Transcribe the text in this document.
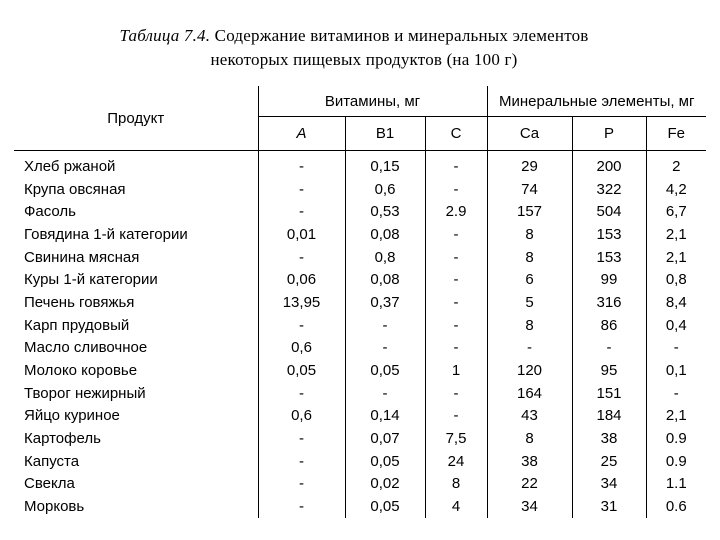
Таблица 7.4. Содержание витаминов и минеральных элементов
некоторых пищевых продуктов (на 100 г)
Продукт	Витамины, мг			Минеральные элементы, мг		
	A	B1	C	Ca	P	Fe
Хлеб ржаной	-	0,15	-	29	200	2
Крупа овсяная	-	0,6	-	74	322	4,2
Фасоль	-	0,53	2.9	157	504	6,7
Говядина 1-й категории	0,01	0,08	-	8	153	2,1
Свинина мясная	-	0,8	-	8	153	2,1
Куры 1-й категории	0,06	0,08	-	6	99	0,8
Печень говяжья	13,95	0,37	-	5	316	8,4
Карп прудовый	-	-	-	8	86	0,4
Масло сливочное	0,6	-	-	-	-	-
Молоко коровье	0,05	0,05	1	120	95	0,1
Творог нежирный	-	-	-	164	151	-
Яйцо куриное	0,6	0,14	-	43	184	2,1
Картофель	-	0,07	7,5	8	38	0.9
Капуста	-	0,05	24	38	25	0.9
Свекла	-	0,02	8	22	34	1.1
Морковь	-	0,05	4	34	31	0.6
